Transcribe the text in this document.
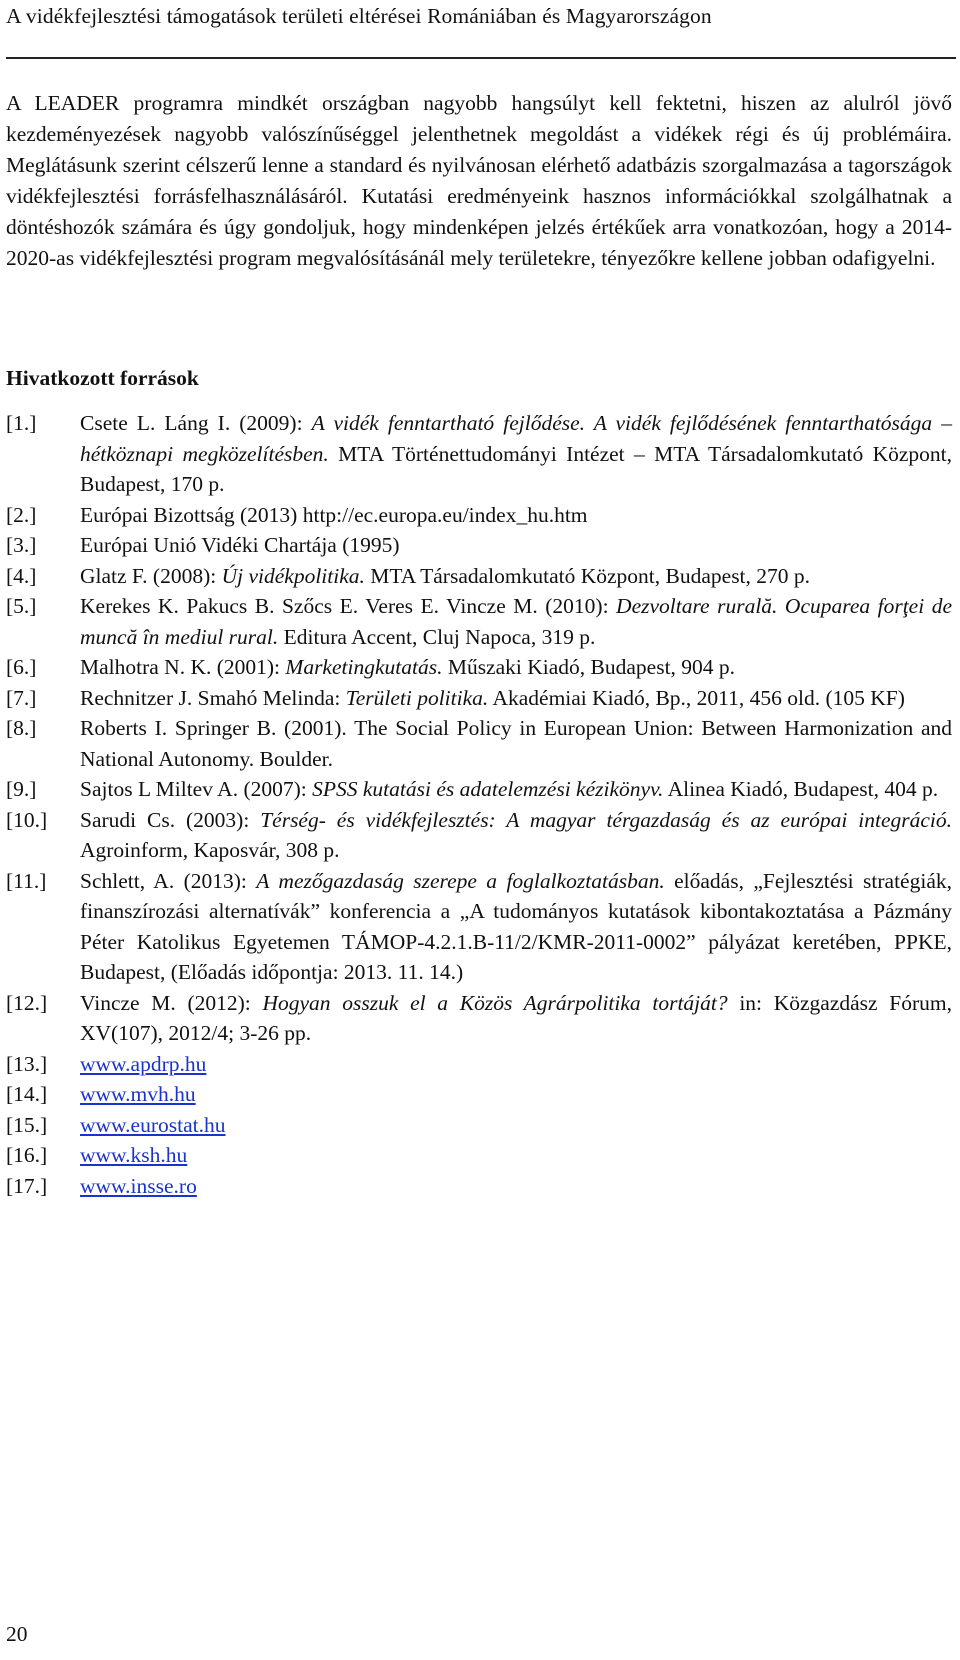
A vidékfejlesztési támogatások területi eltérései Romániában és Magyarországon

A LEADER programra mindkét országban nagyobb hangsúlyt kell fektetni, hiszen az alulról jövő kezdeményezések nagyobb valószínűséggel jelenthetnek megoldást a vidékek régi és új problémáira. Meglátásunk szerint célszerű lenne a standard és nyilvánosan elérhető adatbázis szorgalmazása a tagországok vidékfejlesztési forrásfelhasználásáról. Kutatási eredményeink hasznos információkkal szolgálhatnak a döntéshozók számára és úgy gondoljuk, hogy mindenképen jelzés értékűek arra vonatkozóan, hogy a 2014-2020-as vidékfejlesztési program megvalósításánál mely területekre, tényezőkre kellene jobban odafigyelni.

Hivatkozott források
[1.]	Csete L. Láng I. (2009): A vidék fenntartható fejlődése. A vidék fejlődésének fenntarthatósága – hétköznapi megközelítésben. MTA Történettudományi Intézet – MTA Társadalomkutató Központ, Budapest, 170 p.
[2.]	Európai Bizottság (2013) http://ec.europa.eu/index_hu.htm
[3.]	Európai Unió Vidéki Chartája (1995)
[4.]	Glatz F. (2008): Új vidékpolitika. MTA Társadalomkutató Központ, Budapest, 270 p.
[5.]	Kerekes K. Pakucs B. Szőcs E. Veres E. Vincze M. (2010): Dezvoltare rurală. Ocuparea forţei de muncă în mediul rural. Editura Accent, Cluj Napoca, 319 p.
[6.]	Malhotra N. K. (2001): Marketingkutatás. Műszaki Kiadó, Budapest, 904 p.
[7.]	Rechnitzer J. Smahó Melinda: Területi politika. Akadémiai Kiadó, Bp., 2011, 456 old. (105 KF)
[8.]	Roberts I. Springer B. (2001). The Social Policy in European Union: Between Harmonization and National Autonomy. Boulder.
[9.]	Sajtos L Miltev A. (2007): SPSS kutatási és adatelemzési kézikönyv. Alinea Kiadó, Budapest, 404 p.
[10.]	Sarudi Cs. (2003): Térség- és vidékfejlesztés: A magyar térgazdaság és az európai integráció. Agroinform, Kaposvár, 308 p.
[11.]	Schlett, A. (2013): A mezőgazdaság szerepe a foglalkoztatásban. előadás, „Fejlesztési stratégiák, finanszírozási alternatívák” konferencia a „A tudományos kutatások kibontakoztatása a Pázmány Péter Katolikus Egyetemen TÁMOP-4.2.1.B-11/2/KMR-2011-0002” pályázat keretében, PPKE, Budapest, (Előadás időpontja: 2013. 11. 14.)
[12.]	Vincze M. (2012): Hogyan osszuk el a Közös Agrárpolitika tortáját? in: Közgazdász Fórum, XV(107), 2012/4; 3-26 pp.
[13.]	www.apdrp.hu
[14.]	www.mvh.hu
[15.]	www.eurostat.hu
[16.]	www.ksh.hu
[17.]	www.insse.ro
20
